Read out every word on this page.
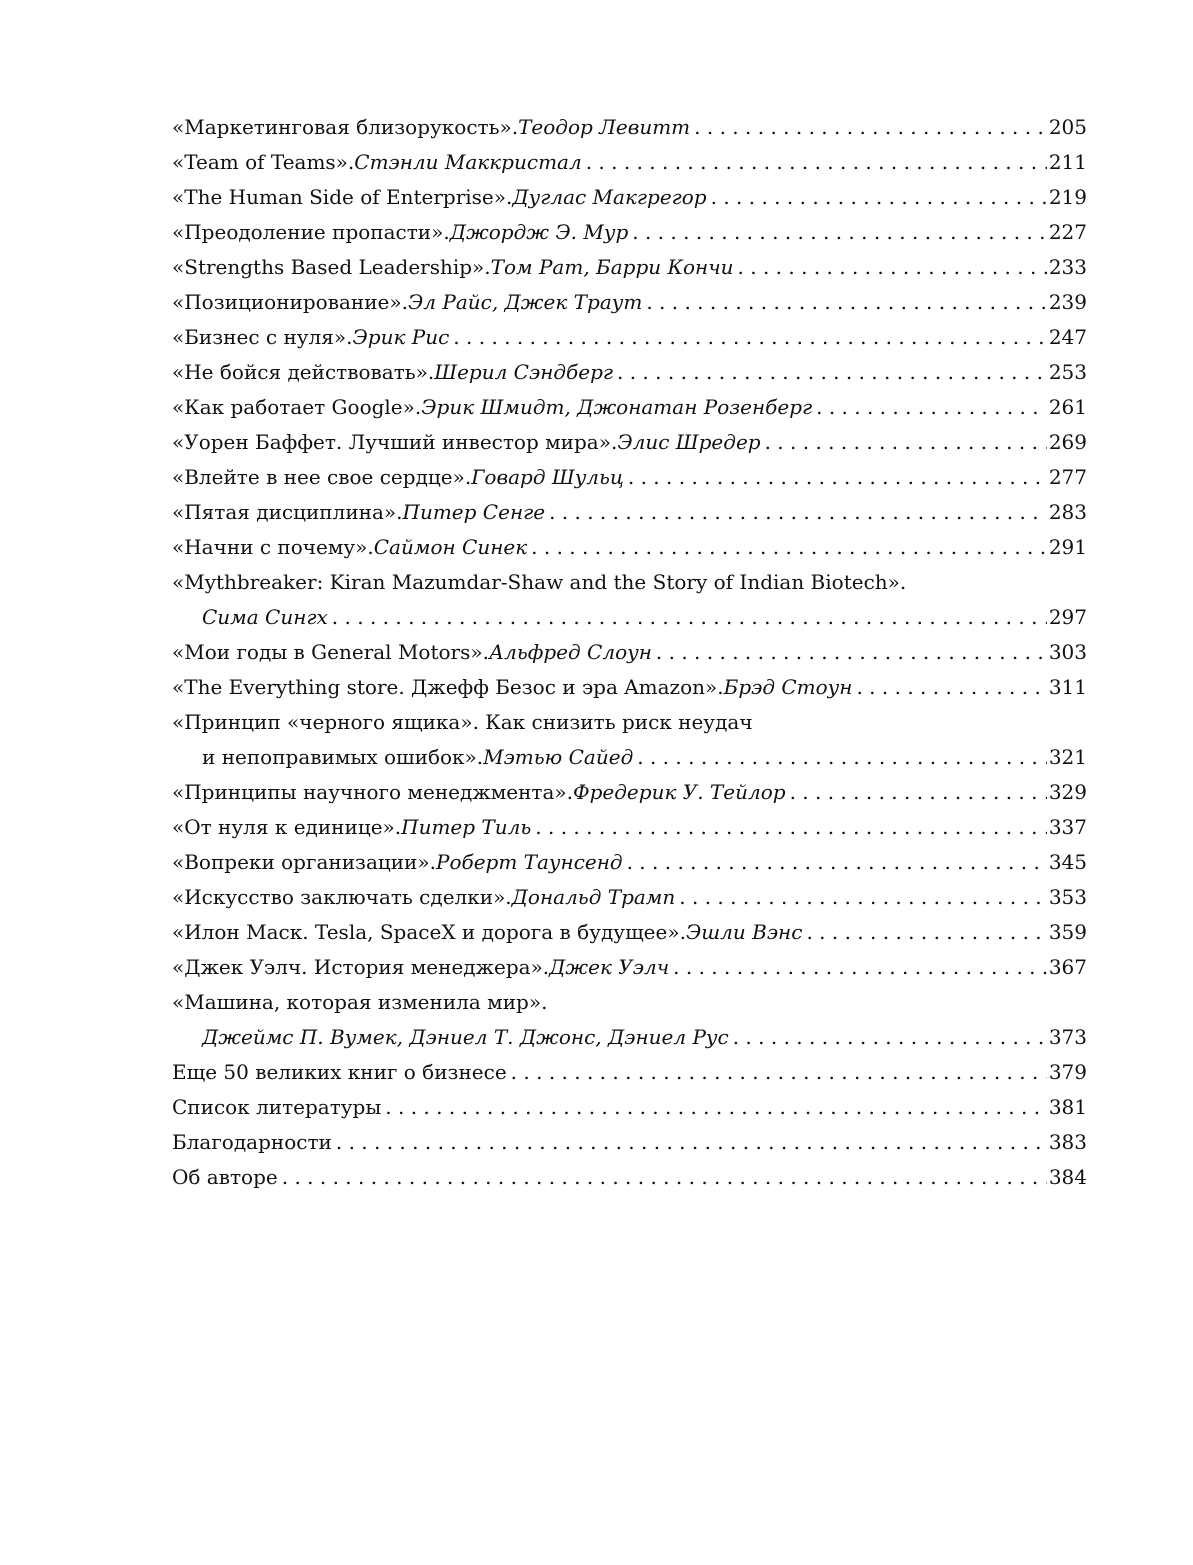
«Маркетинговая близорукость». Теодор Левитт . . .	205
«Team of Teams». Стэнли Маккристал . . .	211
«The Human Side of Enterprise». Дуглас Макгрегор . . .	219
«Преодоление пропасти». Джордж Э. Мур . . .	227
«Strengths Based Leadership». Том Рат, Барри Кончи . . .	233
«Позиционирование». Эл Райс, Джек Траут . . .	239
«Бизнес с нуля». Эрик Рис . . .	247
«Не бойся действовать». Шерил Сэндберг . . .	253
«Как работает Google». Эрик Шмидт, Джонатан Розенберг . . .	261
«Уорен Баффет. Лучший инвестор мира». Элис Шредер . . .	269
«Влейте в нее свое сердце». Говард Шульц . . .	277
«Пятая дисциплина». Питер Сенге . . .	283
«Начни с почему». Саймон Синек . . .	291
«Mythbreaker: Kiran Mazumdar-Shaw and the Story of Indian Biotech».
Сима Сингх . . .	297
«Мои годы в General Motors». Альфред Слоун . . .	303
«The Everything store. Джефф Безос и эра Amazon». Брэд Стоун . . .	311
«Принцип «черного ящика». Как снизить риск неудач
и непоправимых ошибок». Мэтью Сайед . . .	321
«Принципы научного менеджмента». Фредерик У. Тейлор . . .	329
«От нуля к единице». Питер Тиль . . .	337
«Вопреки организации». Роберт Таунсенд . . .	345
«Искусство заключать сделки». Дональд Трамп . . .	353
«Илон Маск. Tesla, SpaceX и дорога в будущее». Эшли Вэнс . . .	359
«Джек Уэлч. История менеджера». Джек Уэлч . . .	367
«Машина, которая изменила мир».
Джеймс П. Вумек, Дэниел Т. Джонс, Дэниел Рус . . .	373
Еще 50 великих книг о бизнесе . . .	379
Список литературы . . .	381
Благодарности . . .	383
Об авторе . . .	384
